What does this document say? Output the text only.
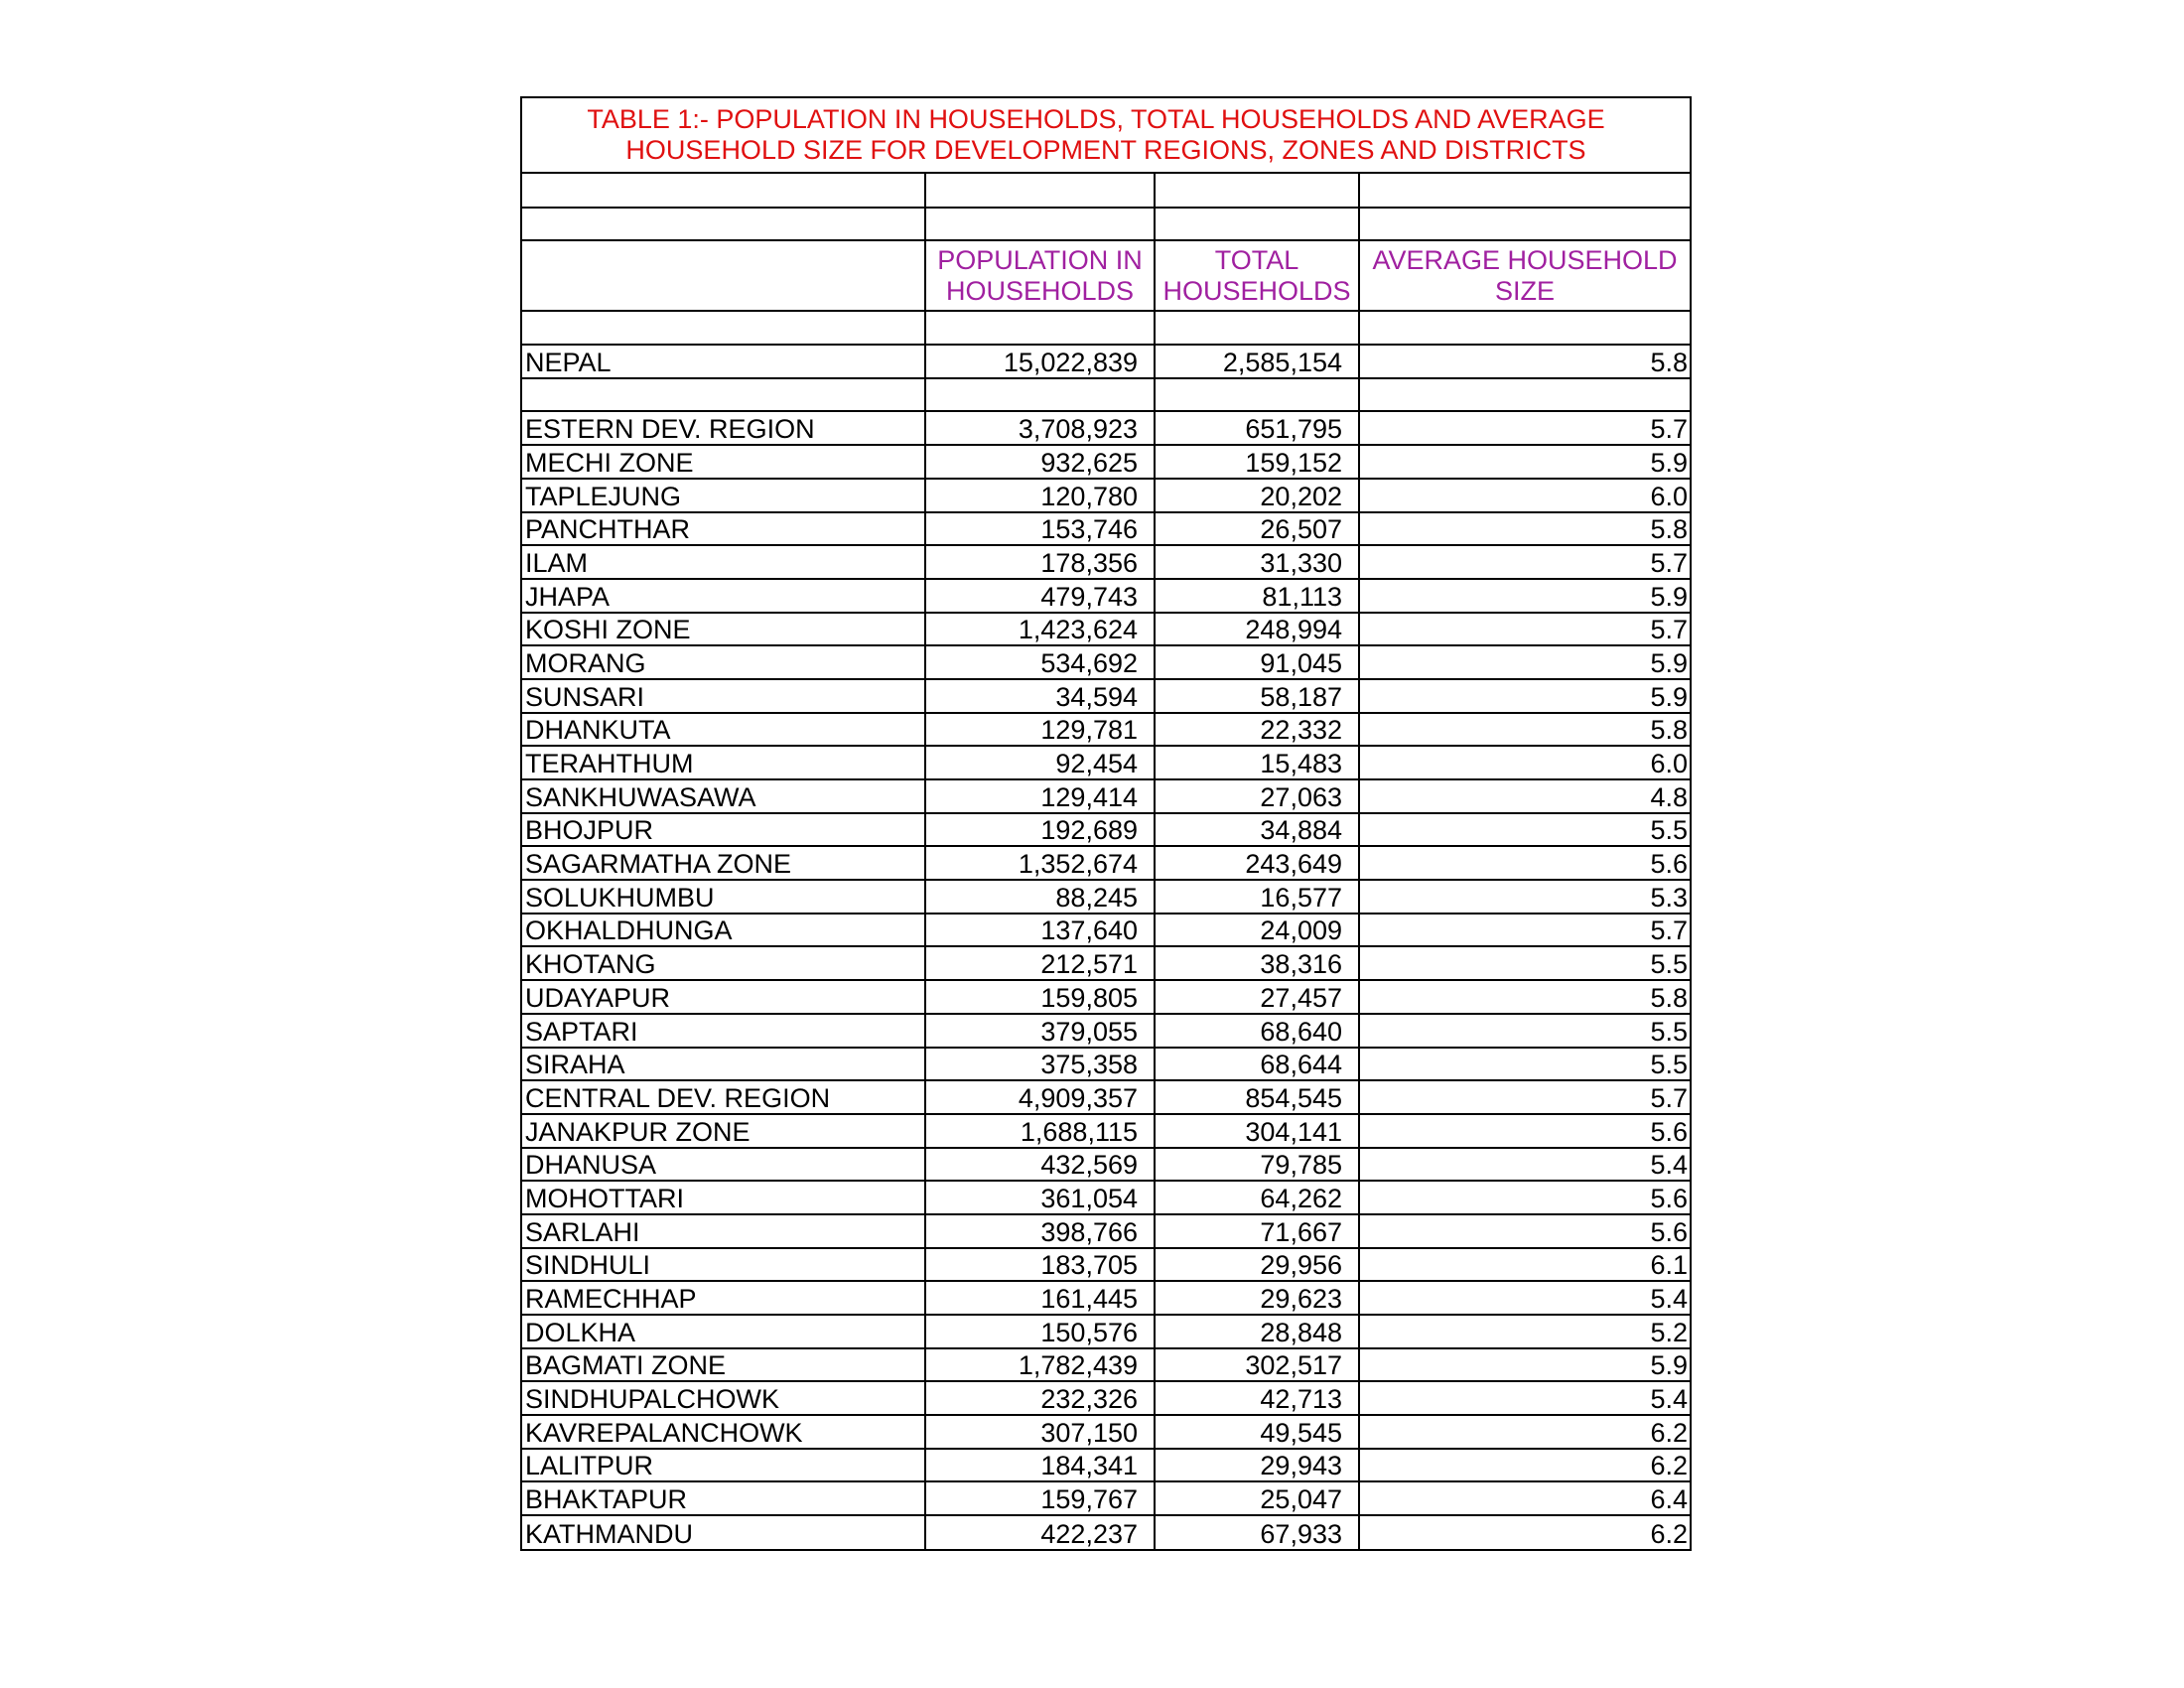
TABLE 1:- POPULATION IN HOUSEHOLDS, TOTAL HOUSEHOLDS AND AVERAGE
HOUSEHOLD SIZE FOR DEVELOPMENT REGIONS, ZONES AND DISTRICTS

	POPULATION IN HOUSEHOLDS	TOTAL HOUSEHOLDS	AVERAGE HOUSEHOLD SIZE

NEPAL	15,022,839	2,585,154	5.8

ESTERN DEV. REGION	3,708,923	651,795	5.7
MECHI ZONE	932,625	159,152	5.9
TAPLEJUNG	120,780	20,202	6.0
PANCHTHAR	153,746	26,507	5.8
ILAM	178,356	31,330	5.7
JHAPA	479,743	81,113	5.9
KOSHI ZONE	1,423,624	248,994	5.7
MORANG	534,692	91,045	5.9
SUNSARI	34,594	58,187	5.9
DHANKUTA	129,781	22,332	5.8
TERAHTHUM	92,454	15,483	6.0
SANKHUWASAWA	129,414	27,063	4.8
BHOJPUR	192,689	34,884	5.5
SAGARMATHA ZONE	1,352,674	243,649	5.6
SOLUKHUMBU	88,245	16,577	5.3
OKHALDHUNGA	137,640	24,009	5.7
KHOTANG	212,571	38,316	5.5
UDAYAPUR	159,805	27,457	5.8
SAPTARI	379,055	68,640	5.5
SIRAHA	375,358	68,644	5.5
CENTRAL DEV. REGION	4,909,357	854,545	5.7
JANAKPUR ZONE	1,688,115	304,141	5.6
DHANUSA	432,569	79,785	5.4
MOHOTTARI	361,054	64,262	5.6
SARLAHI	398,766	71,667	5.6
SINDHULI	183,705	29,956	6.1
RAMECHHAP	161,445	29,623	5.4
DOLKHA	150,576	28,848	5.2
BAGMATI ZONE	1,782,439	302,517	5.9
SINDHUPALCHOWK	232,326	42,713	5.4
KAVREPALANCHOWK	307,150	49,545	6.2
LALITPUR	184,341	29,943	6.2
BHAKTAPUR	159,767	25,047	6.4
KATHMANDU	422,237	67,933	6.2
